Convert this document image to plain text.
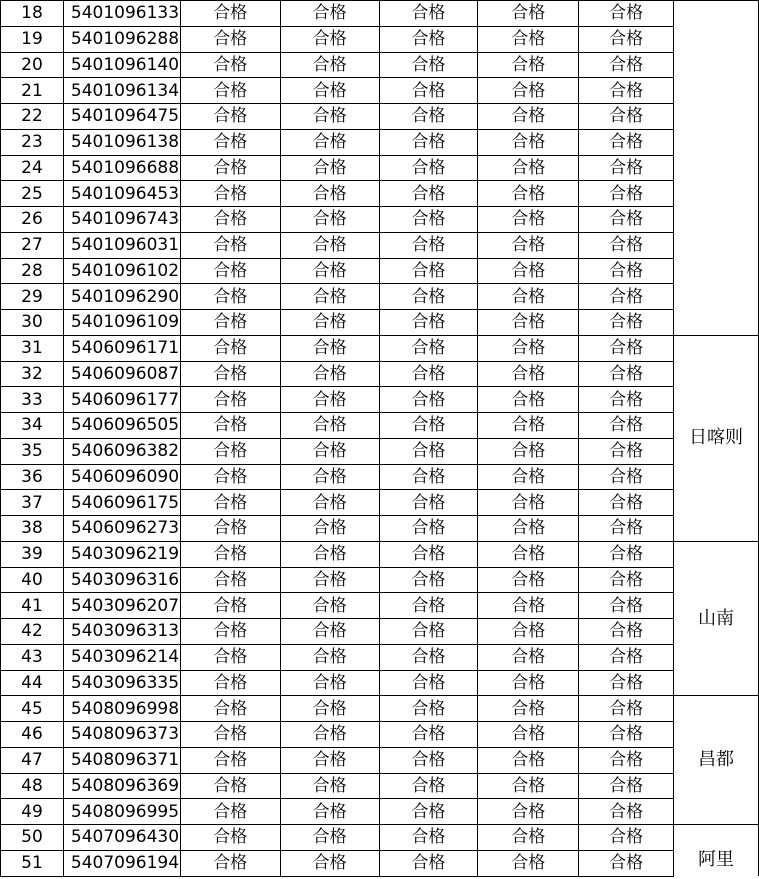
18	5401096133	合格	合格	合格	合格	合格	
19	5401096288	合格	合格	合格	合格	合格	
20	5401096140	合格	合格	合格	合格	合格	
21	5401096134	合格	合格	合格	合格	合格	
22	5401096475	合格	合格	合格	合格	合格	
23	5401096138	合格	合格	合格	合格	合格	
24	5401096688	合格	合格	合格	合格	合格	
25	5401096453	合格	合格	合格	合格	合格	
26	5401096743	合格	合格	合格	合格	合格	
27	5401096031	合格	合格	合格	合格	合格	
28	5401096102	合格	合格	合格	合格	合格	
29	5401096290	合格	合格	合格	合格	合格	
30	5401096109	合格	合格	合格	合格	合格	
31	5406096171	合格	合格	合格	合格	合格	日喀则
32	5406096087	合格	合格	合格	合格	合格	
33	5406096177	合格	合格	合格	合格	合格	
34	5406096505	合格	合格	合格	合格	合格	
35	5406096382	合格	合格	合格	合格	合格	
36	5406096090	合格	合格	合格	合格	合格	
37	5406096175	合格	合格	合格	合格	合格	
38	5406096273	合格	合格	合格	合格	合格	
39	5403096219	合格	合格	合格	合格	合格	山南
40	5403096316	合格	合格	合格	合格	合格	
41	5403096207	合格	合格	合格	合格	合格	
42	5403096313	合格	合格	合格	合格	合格	
43	5403096214	合格	合格	合格	合格	合格	
44	5403096335	合格	合格	合格	合格	合格	
45	5408096998	合格	合格	合格	合格	合格	昌都
46	5408096373	合格	合格	合格	合格	合格	
47	5408096371	合格	合格	合格	合格	合格	
48	5408096369	合格	合格	合格	合格	合格	
49	5408096995	合格	合格	合格	合格	合格	
50	5407096430	合格	合格	合格	合格	合格	阿里
51	5407096194	合格	合格	合格	合格	合格	
